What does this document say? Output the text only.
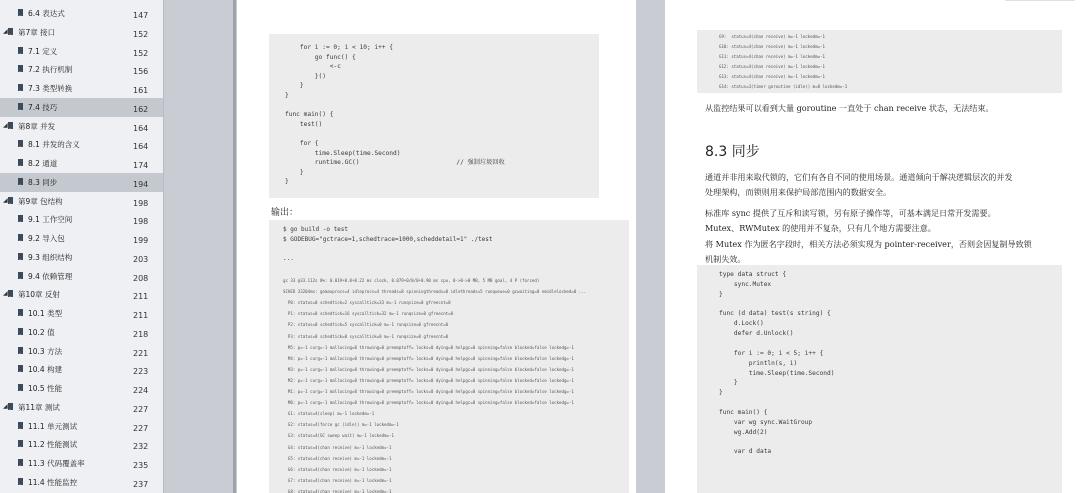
6.4 表达式	147
◢ 第7章 接口	152
7.1 定义	152
7.2 执行机制	156
7.3 类型转换	161
7.4 技巧	162
◢ 第8章 并发	164
8.1 并发的含义	164
8.2 通道	174
8.3 同步	194
◢ 第9章 包结构	198
9.1 工作空间	198
9.2 导入包	199
9.3 组织结构	203
9.4 依赖管理	208
◢ 第10章 反射	211
10.1 类型	211
10.2 值	218
10.3 方法	221
10.4 构建	223
10.5 性能	224
◢ 第11章 测试	227
11.1 单元测试	227
11.2 性能测试	232
11.3 代码覆盖率	235
11.4 性能监控	237
for i := 0; i < 10; i++ {
go func() {
<-c
}()
}
}
func main() {
test()
for {
time.Sleep(time.Second)
runtime.GC()                          // 强制垃圾回收
}
}
输出：
$ go build -o test
$ GODEBUG="gctrace=1,schedtrace=1000,scheddetail=1" ./test
...
gc 33 @33.112s 0%: 0.019+0.0+0.22 ms clock, 0.079+0/0/0+0.90 ms cpu, 0->0->0 MB, 5 MB goal, 4 P (forced)
SCHED 33204ms: gomaxprocs=4 idleprocs=4 threads=8 spinningthreads=0 idlethreads=5 runqueue=0 gcwaiting=0 nmidlelocked=0 ...
P0: status=0 schedtick=2 syscalltick=33 m=-1 runqsize=0 gfreecnt=0
P1: status=0 schedtick=16 syscalltick=32 m=-1 runqsize=0 gfreecnt=0
P2: status=0 schedtick=5 syscalltick=0 m=-1 runqsize=0 gfreecnt=0
P3: status=0 schedtick=0 syscalltick=0 m=-1 runqsize=0 gfreecnt=0
M5: p=-1 curg=-1 mallocing=0 throwing=0 preemptoff= locks=0 dying=0 helpgc=0 spinning=false blocked=false lockedg=-1
M4: p=-1 curg=-1 mallocing=0 throwing=0 preemptoff= locks=0 dying=0 helpgc=0 spinning=false blocked=false lockedg=-1
M3: p=-1 curg=-1 mallocing=0 throwing=0 preemptoff= locks=0 dying=0 helpgc=0 spinning=false blocked=false lockedg=-1
M2: p=-1 curg=-1 mallocing=0 throwing=0 preemptoff= locks=0 dying=0 helpgc=0 spinning=false blocked=false lockedg=-1
M1: p=-1 curg=-1 mallocing=0 throwing=0 preemptoff= locks=0 dying=0 helpgc=0 spinning=false blocked=false lockedg=-1
M0: p=-1 curg=-1 mallocing=0 throwing=0 preemptoff= locks=0 dying=0 helpgc=0 spinning=false blocked=false lockedg=-1
G1: status=4(sleep) m=-1 lockedm=-1
G2: status=4(force gc (idle)) m=-1 lockedm=-1
G3: status=4(GC sweep wait) m=-1 lockedm=-1
G4: status=4(chan receive) m=-1 lockedm=-1
G5: status=4(chan receive) m=-1 lockedm=-1
G6: status=4(chan receive) m=-1 lockedm=-1
G7: status=4(chan receive) m=-1 lockedm=-1
G8: status=4(chan receive) m=-1 lockedm=-1
G9:  status=4(chan receive) m=-1 lockedm=-1
G10: status=4(chan receive) m=-1 lockedm=-1
G11: status=4(chan receive) m=-1 lockedm=-1
G12: status=4(chan receive) m=-1 lockedm=-1
G13: status=4(chan receive) m=-1 lockedm=-1
G14: status=3(timer goroutine (idle)) m=0 lockedm=-1
从监控结果可以看到大量 goroutine 一直处于 chan receive 状态，无法结束。
8.3 同步
type data struct {
sync.Mutex
}
func (d data) test(s string) {
d.Lock()
defer d.Unlock()
for i := 0; i < 5; i++ {
println(s, i)
time.Sleep(time.Second)
}
}
func main() {
var wg sync.WaitGroup
wg.Add(2)
var d data
通道并非用来取代锁的，它们有各自不同的使用场景。通道倾向于解决逻辑层次的并发
处理架构，而锁则用来保护局部范围内的数据安全。
标准库 sync 提供了互斥和读写锁，另有原子操作等，可基本满足日常开发需要。
Mutex、RWMutex 的使用并不复杂，只有几个地方需要注意。
将 Mutex 作为匿名字段时，相关方法必须实现为 pointer-receiver，否则会因复制导致锁
机制失效。
